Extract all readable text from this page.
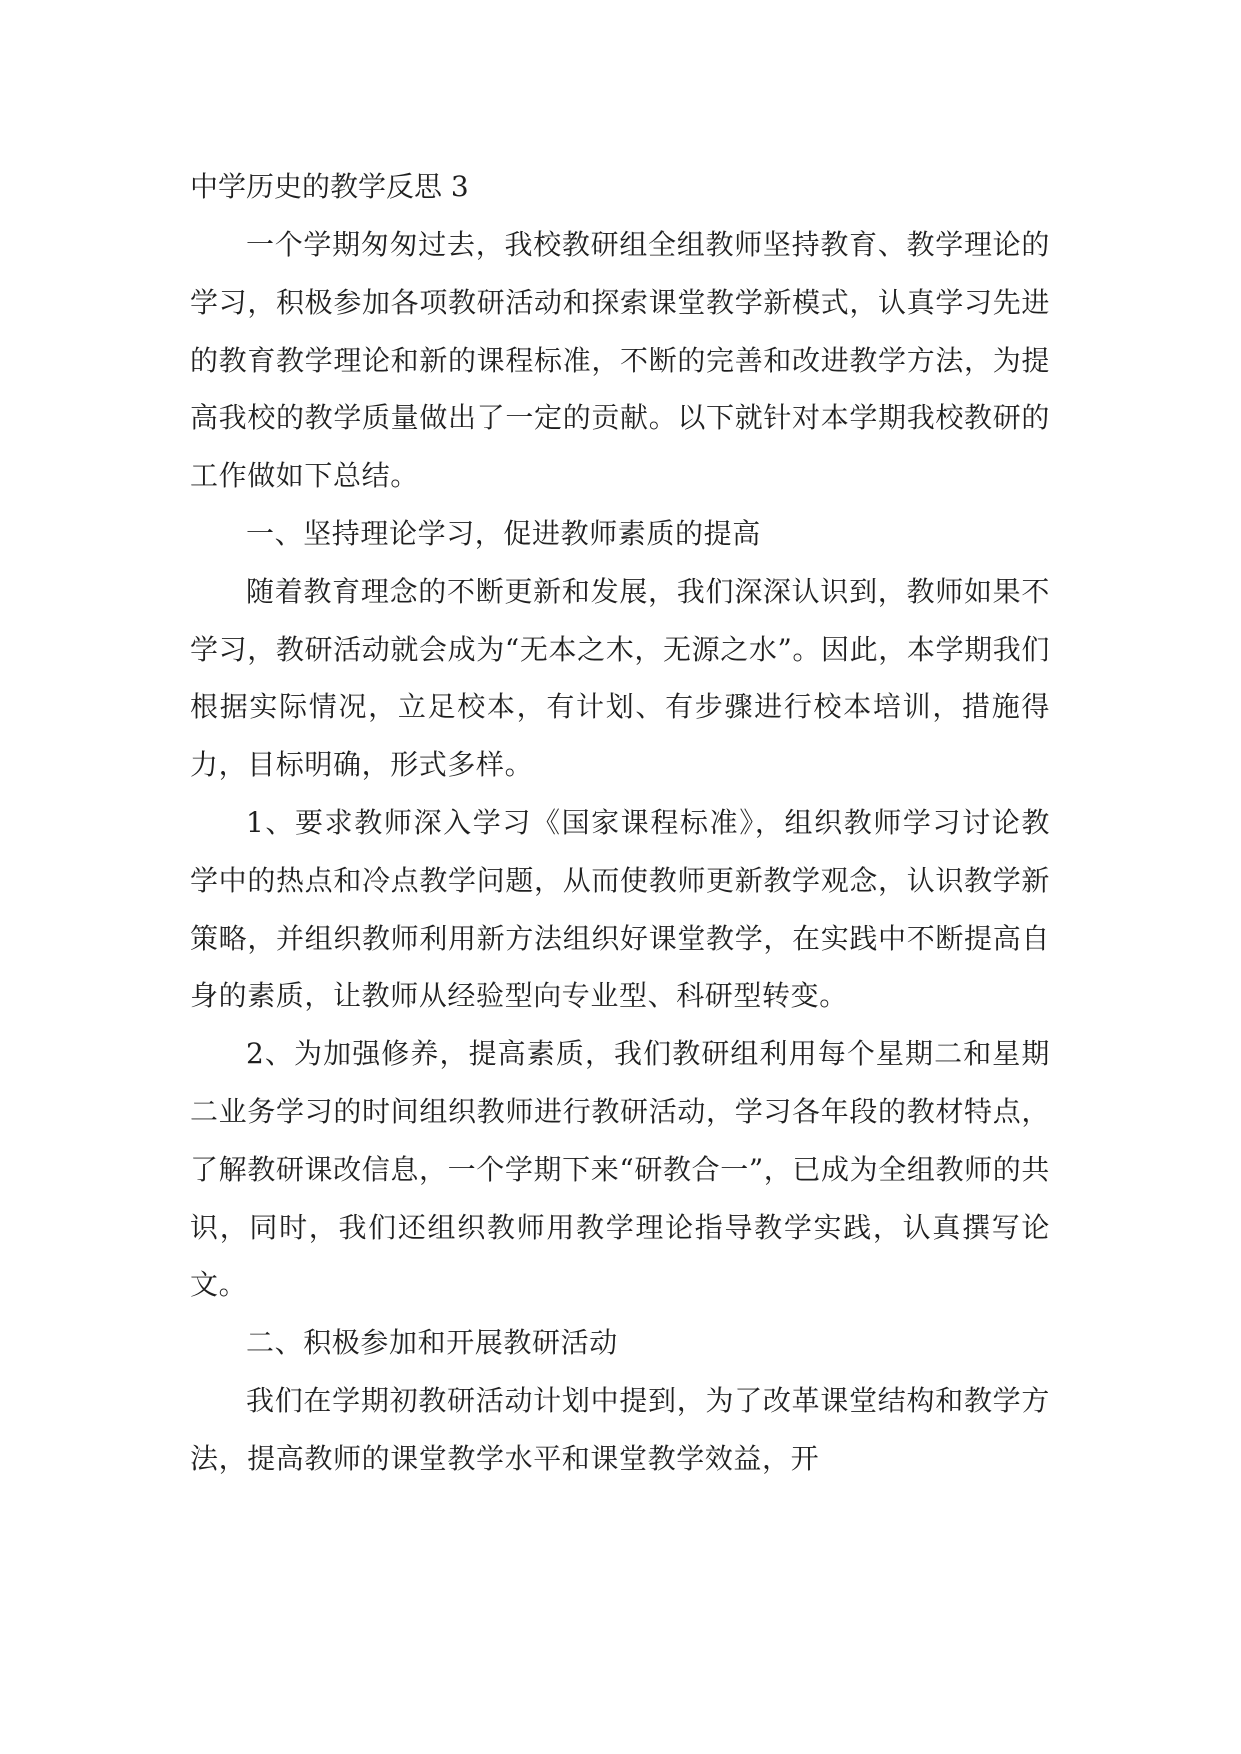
中学历史的教学反思 3

一个学期匆匆过去，我校教研组全组教师坚持教育、教学理论的学习，积极参加各项教研活动和探索课堂教学新模式，认真学习先进的教育教学理论和新的课程标准，不断的完善和改进教学方法，为提高我校的教学质量做出了一定的贡献。以下就针对本学期我校教研的工作做如下总结。

一、坚持理论学习，促进教师素质的提高

随着教育理念的不断更新和发展，我们深深认识到，教师如果不学习，教研活动就会成为“无本之木，无源之水”。因此，本学期我们根据实际情况，立足校本，有计划、有步骤进行校本培训，措施得力，目标明确，形式多样。

1、要求教师深入学习《国家课程标准》，组织教师学习讨论教学中的热点和冷点教学问题，从而使教师更新教学观念，认识教学新策略，并组织教师利用新方法组织好课堂教学，在实践中不断提高自身的素质，让教师从经验型向专业型、科研型转变。

2、为加强修养，提高素质，我们教研组利用每个星期二和星期二业务学习的时间组织教师进行教研活动，学习各年段的教材特点，了解教研课改信息，一个学期下来“研教合一”，已成为全组教师的共识，同时，我们还组织教师用教学理论指导教学实践，认真撰写论文。

二、积极参加和开展教研活动

我们在学期初教研活动计划中提到，为了改革课堂结构和教学方法，提高教师的课堂教学水平和课堂教学效益，开
